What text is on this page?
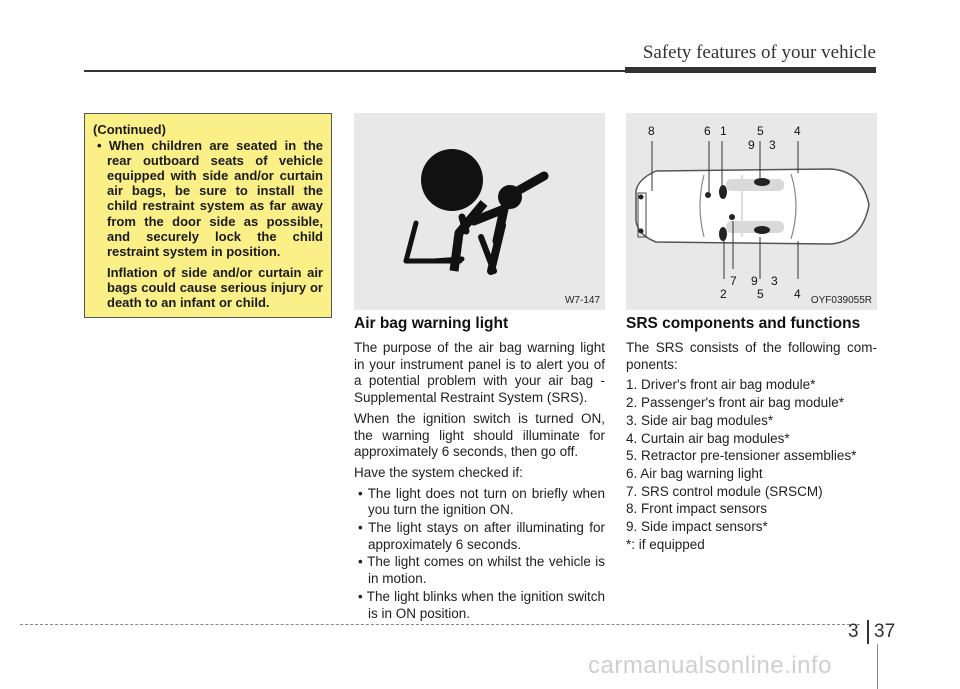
Safety features of your vehicle
(Continued)
• When children are seated in the rear outboard seats of vehicle equipped with side and/or curtain air bags, be sure to install the child restraint system as far away from the door side as possible, and securely lock the child restraint system in position.
Inflation of side and/or curtain air bags could cause serious injury or death to an infant or child.	W7-147
8	6 1	5	4
9 3
7 9 3
2	5	4 OYF039055R
Air bag warning light
The purpose of the air bag warning light in your instrument panel is to alert you of a potential problem with your air bag - Supplemental Restraint System (SRS).
When the ignition switch is turned ON, the warning light should illuminate for approximately 6 seconds, then go off.
Have the system checked if:
• The light does not turn on briefly when you turn the ignition ON.
• The light stays on after illuminating for approximately 6 seconds.
• The light comes on whilst the vehicle is in motion.
• The light blinks when the ignition switch is in ON position.
SRS components and functions
The SRS consists of the following com-ponents:
1. Driver's front air bag module*
2. Passenger's front air bag module*
3. Side air bag modules*
4. Curtain air bag modules*
5. Retractor pre-tensioner assemblies*
6. Air bag warning light
7. SRS control module (SRSCM)
8. Front impact sensors
9. Side impact sensors*
*: if equipped
3 37
carmanualsonline.info
